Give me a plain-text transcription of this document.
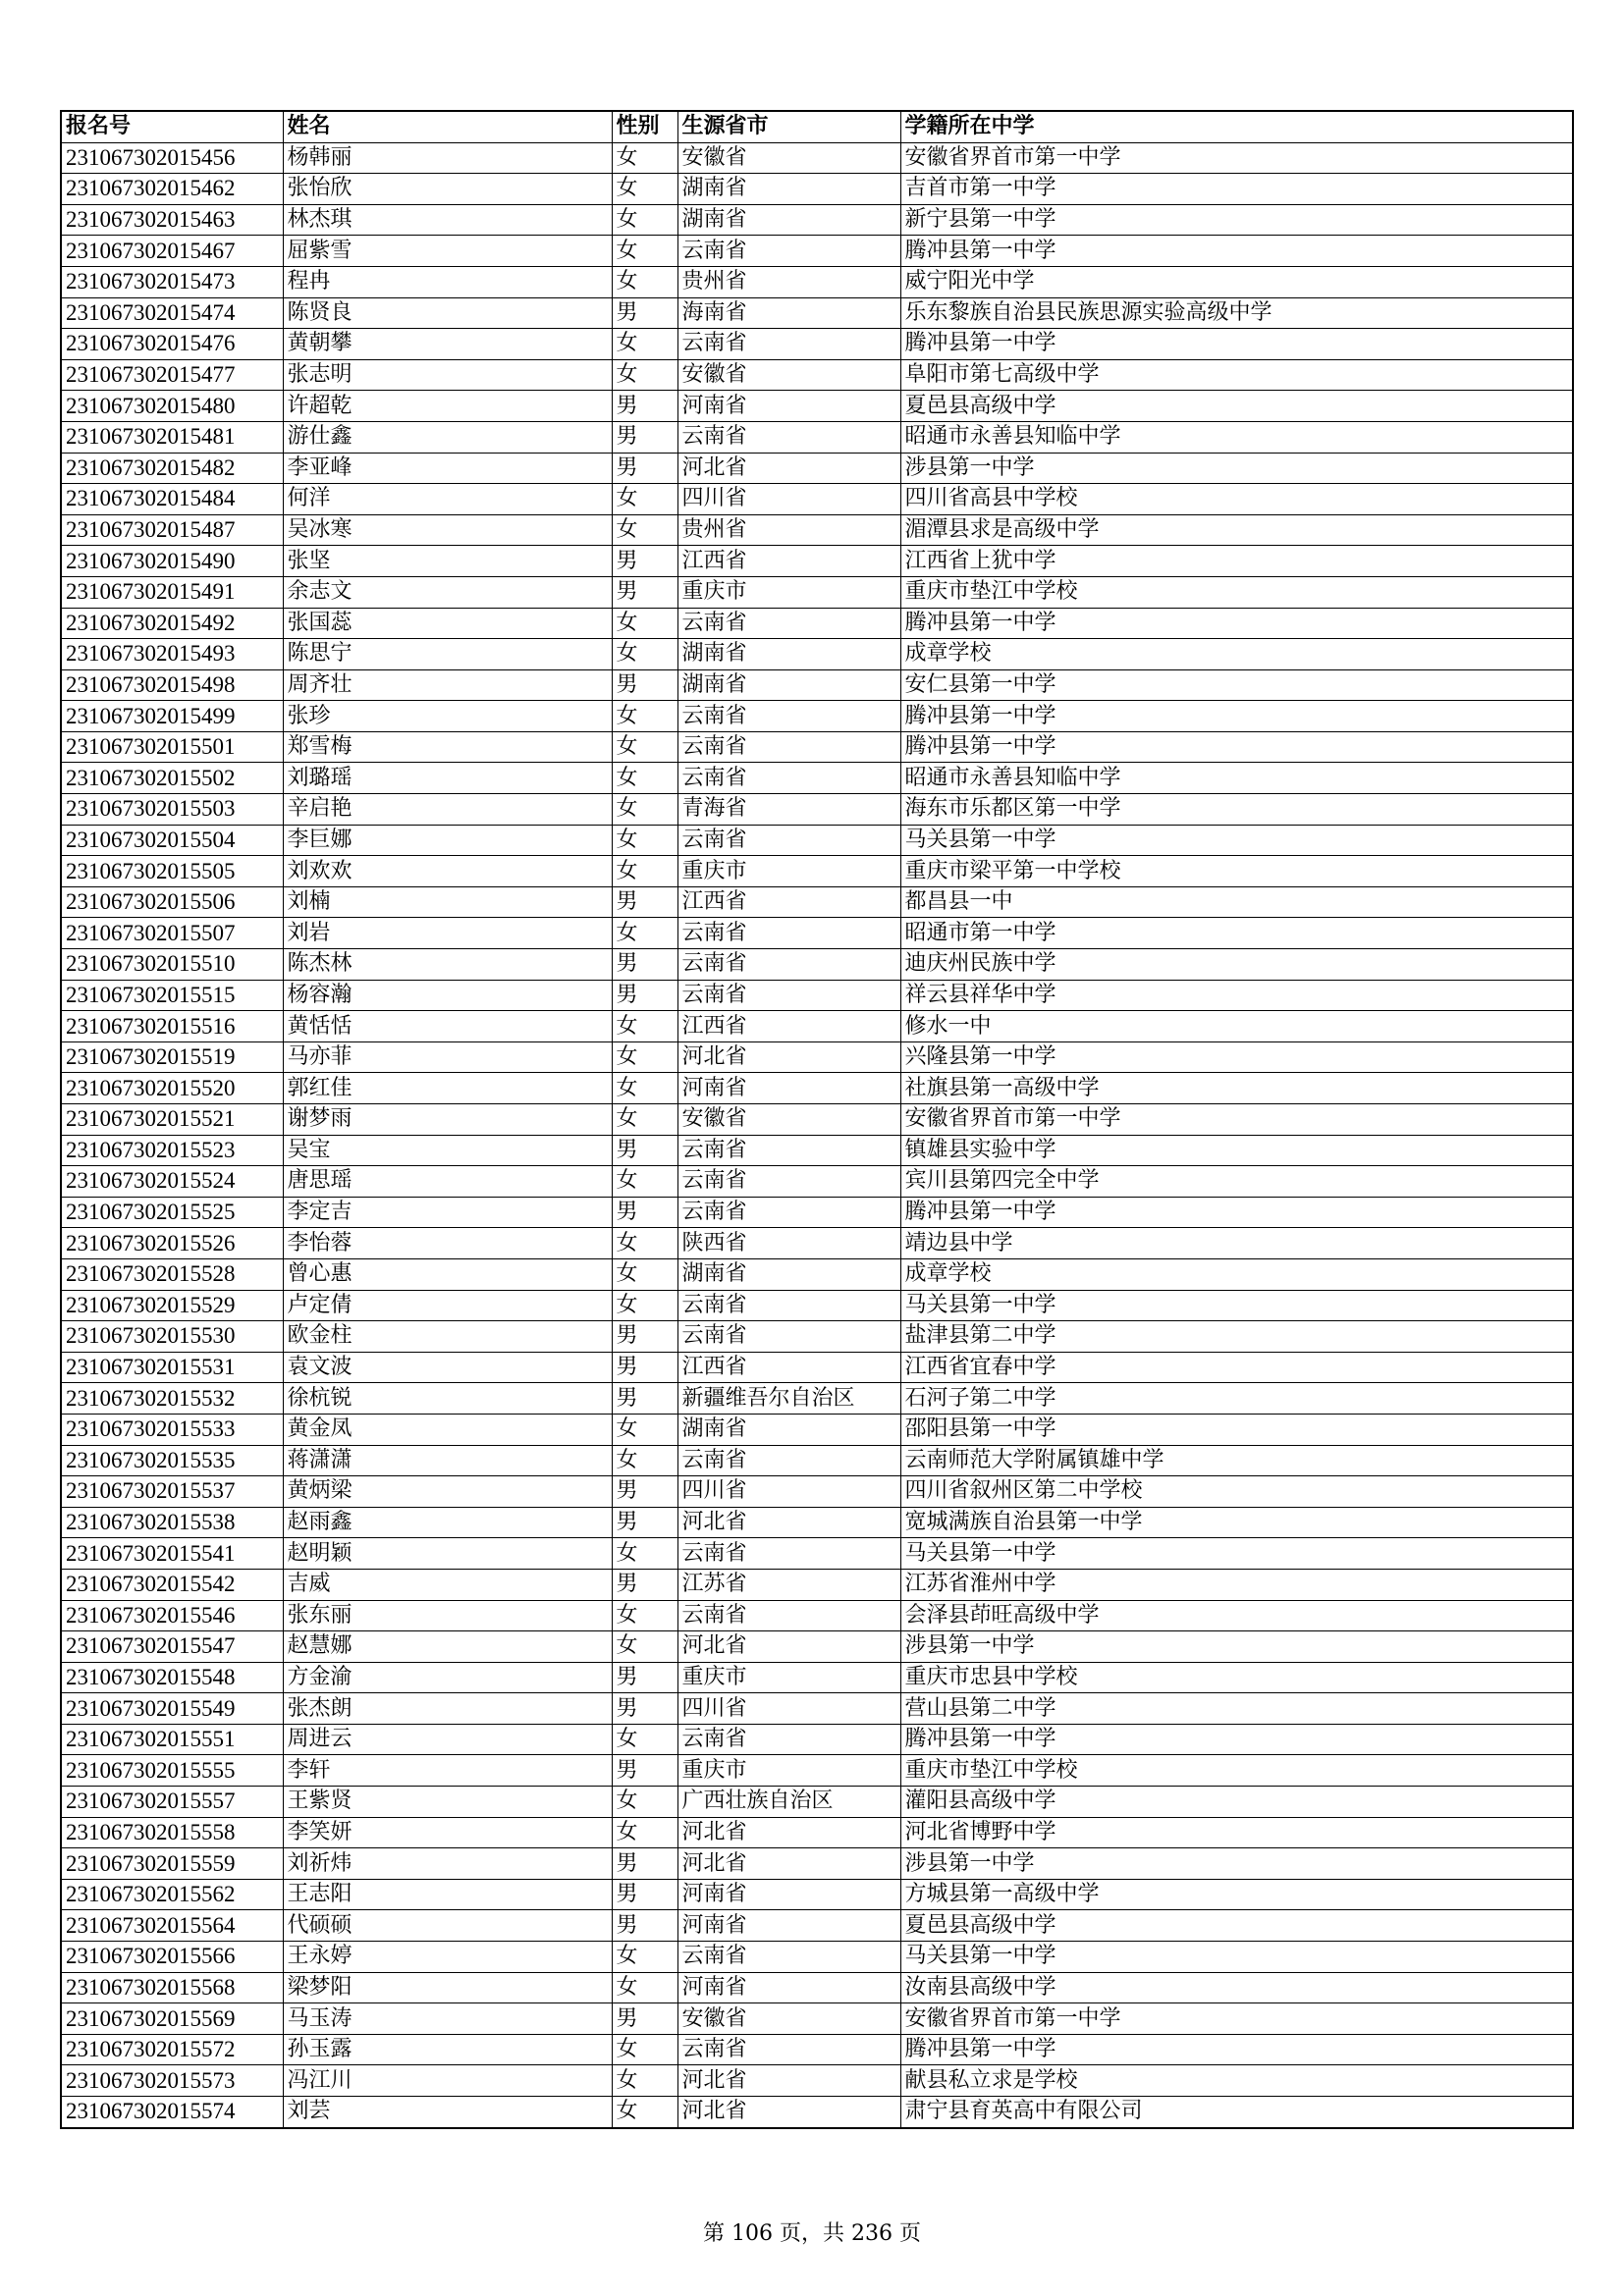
报名号	姓名	性别	生源省市	学籍所在中学
231067302015456	杨韩丽	女	安徽省	安徽省界首市第一中学
231067302015462	张怡欣	女	湖南省	吉首市第一中学
231067302015463	林杰琪	女	湖南省	新宁县第一中学
231067302015467	屈紫雪	女	云南省	腾冲县第一中学
231067302015473	程冉	女	贵州省	威宁阳光中学
231067302015474	陈贤良	男	海南省	乐东黎族自治县民族思源实验高级中学
231067302015476	黄朝攀	女	云南省	腾冲县第一中学
231067302015477	张志明	女	安徽省	阜阳市第七高级中学
231067302015480	许超乾	男	河南省	夏邑县高级中学
231067302015481	游仕鑫	男	云南省	昭通市永善县知临中学
231067302015482	李亚峰	男	河北省	涉县第一中学
231067302015484	何洋	女	四川省	四川省高县中学校
231067302015487	吴冰寒	女	贵州省	湄潭县求是高级中学
231067302015490	张坚	男	江西省	江西省上犹中学
231067302015491	余志文	男	重庆市	重庆市垫江中学校
231067302015492	张国蕊	女	云南省	腾冲县第一中学
231067302015493	陈思宁	女	湖南省	成章学校
231067302015498	周齐壮	男	湖南省	安仁县第一中学
231067302015499	张珍	女	云南省	腾冲县第一中学
231067302015501	郑雪梅	女	云南省	腾冲县第一中学
231067302015502	刘璐瑶	女	云南省	昭通市永善县知临中学
231067302015503	辛启艳	女	青海省	海东市乐都区第一中学
231067302015504	李巨娜	女	云南省	马关县第一中学
231067302015505	刘欢欢	女	重庆市	重庆市梁平第一中学校
231067302015506	刘楠	男	江西省	都昌县一中
231067302015507	刘岩	女	云南省	昭通市第一中学
231067302015510	陈杰林	男	云南省	迪庆州民族中学
231067302015515	杨容瀚	男	云南省	祥云县祥华中学
231067302015516	黄恬恬	女	江西省	修水一中
231067302015519	马亦菲	女	河北省	兴隆县第一中学
231067302015520	郭红佳	女	河南省	社旗县第一高级中学
231067302015521	谢梦雨	女	安徽省	安徽省界首市第一中学
231067302015523	吴宝	男	云南省	镇雄县实验中学
231067302015524	唐思瑶	女	云南省	宾川县第四完全中学
231067302015525	李定吉	男	云南省	腾冲县第一中学
231067302015526	李怡蓉	女	陕西省	靖边县中学
231067302015528	曾心惠	女	湖南省	成章学校
231067302015529	卢定倩	女	云南省	马关县第一中学
231067302015530	欧金柱	男	云南省	盐津县第二中学
231067302015531	袁文波	男	江西省	江西省宜春中学
231067302015532	徐杭锐	男	新疆维吾尔自治区	石河子第二中学
231067302015533	黄金凤	女	湖南省	邵阳县第一中学
231067302015535	蒋潇潇	女	云南省	云南师范大学附属镇雄中学
231067302015537	黄炳梁	男	四川省	四川省叙州区第二中学校
231067302015538	赵雨鑫	男	河北省	宽城满族自治县第一中学
231067302015541	赵明颖	女	云南省	马关县第一中学
231067302015542	吉威	男	江苏省	江苏省淮州中学
231067302015546	张东丽	女	云南省	会泽县茚旺高级中学
231067302015547	赵慧娜	女	河北省	涉县第一中学
231067302015548	方金渝	男	重庆市	重庆市忠县中学校
231067302015549	张杰朗	男	四川省	营山县第二中学
231067302015551	周进云	女	云南省	腾冲县第一中学
231067302015555	李轩	男	重庆市	重庆市垫江中学校
231067302015557	王紫贤	女	广西壮族自治区	灌阳县高级中学
231067302015558	李笑妍	女	河北省	河北省博野中学
231067302015559	刘祈炜	男	河北省	涉县第一中学
231067302015562	王志阳	男	河南省	方城县第一高级中学
231067302015564	代硕硕	男	河南省	夏邑县高级中学
231067302015566	王永婷	女	云南省	马关县第一中学
231067302015568	梁梦阳	女	河南省	汝南县高级中学
231067302015569	马玉涛	男	安徽省	安徽省界首市第一中学
231067302015572	孙玉露	女	云南省	腾冲县第一中学
231067302015573	冯江川	女	河北省	献县私立求是学校
231067302015574	刘芸	女	河北省	肃宁县育英高中有限公司
第 106 页，共 236 页
